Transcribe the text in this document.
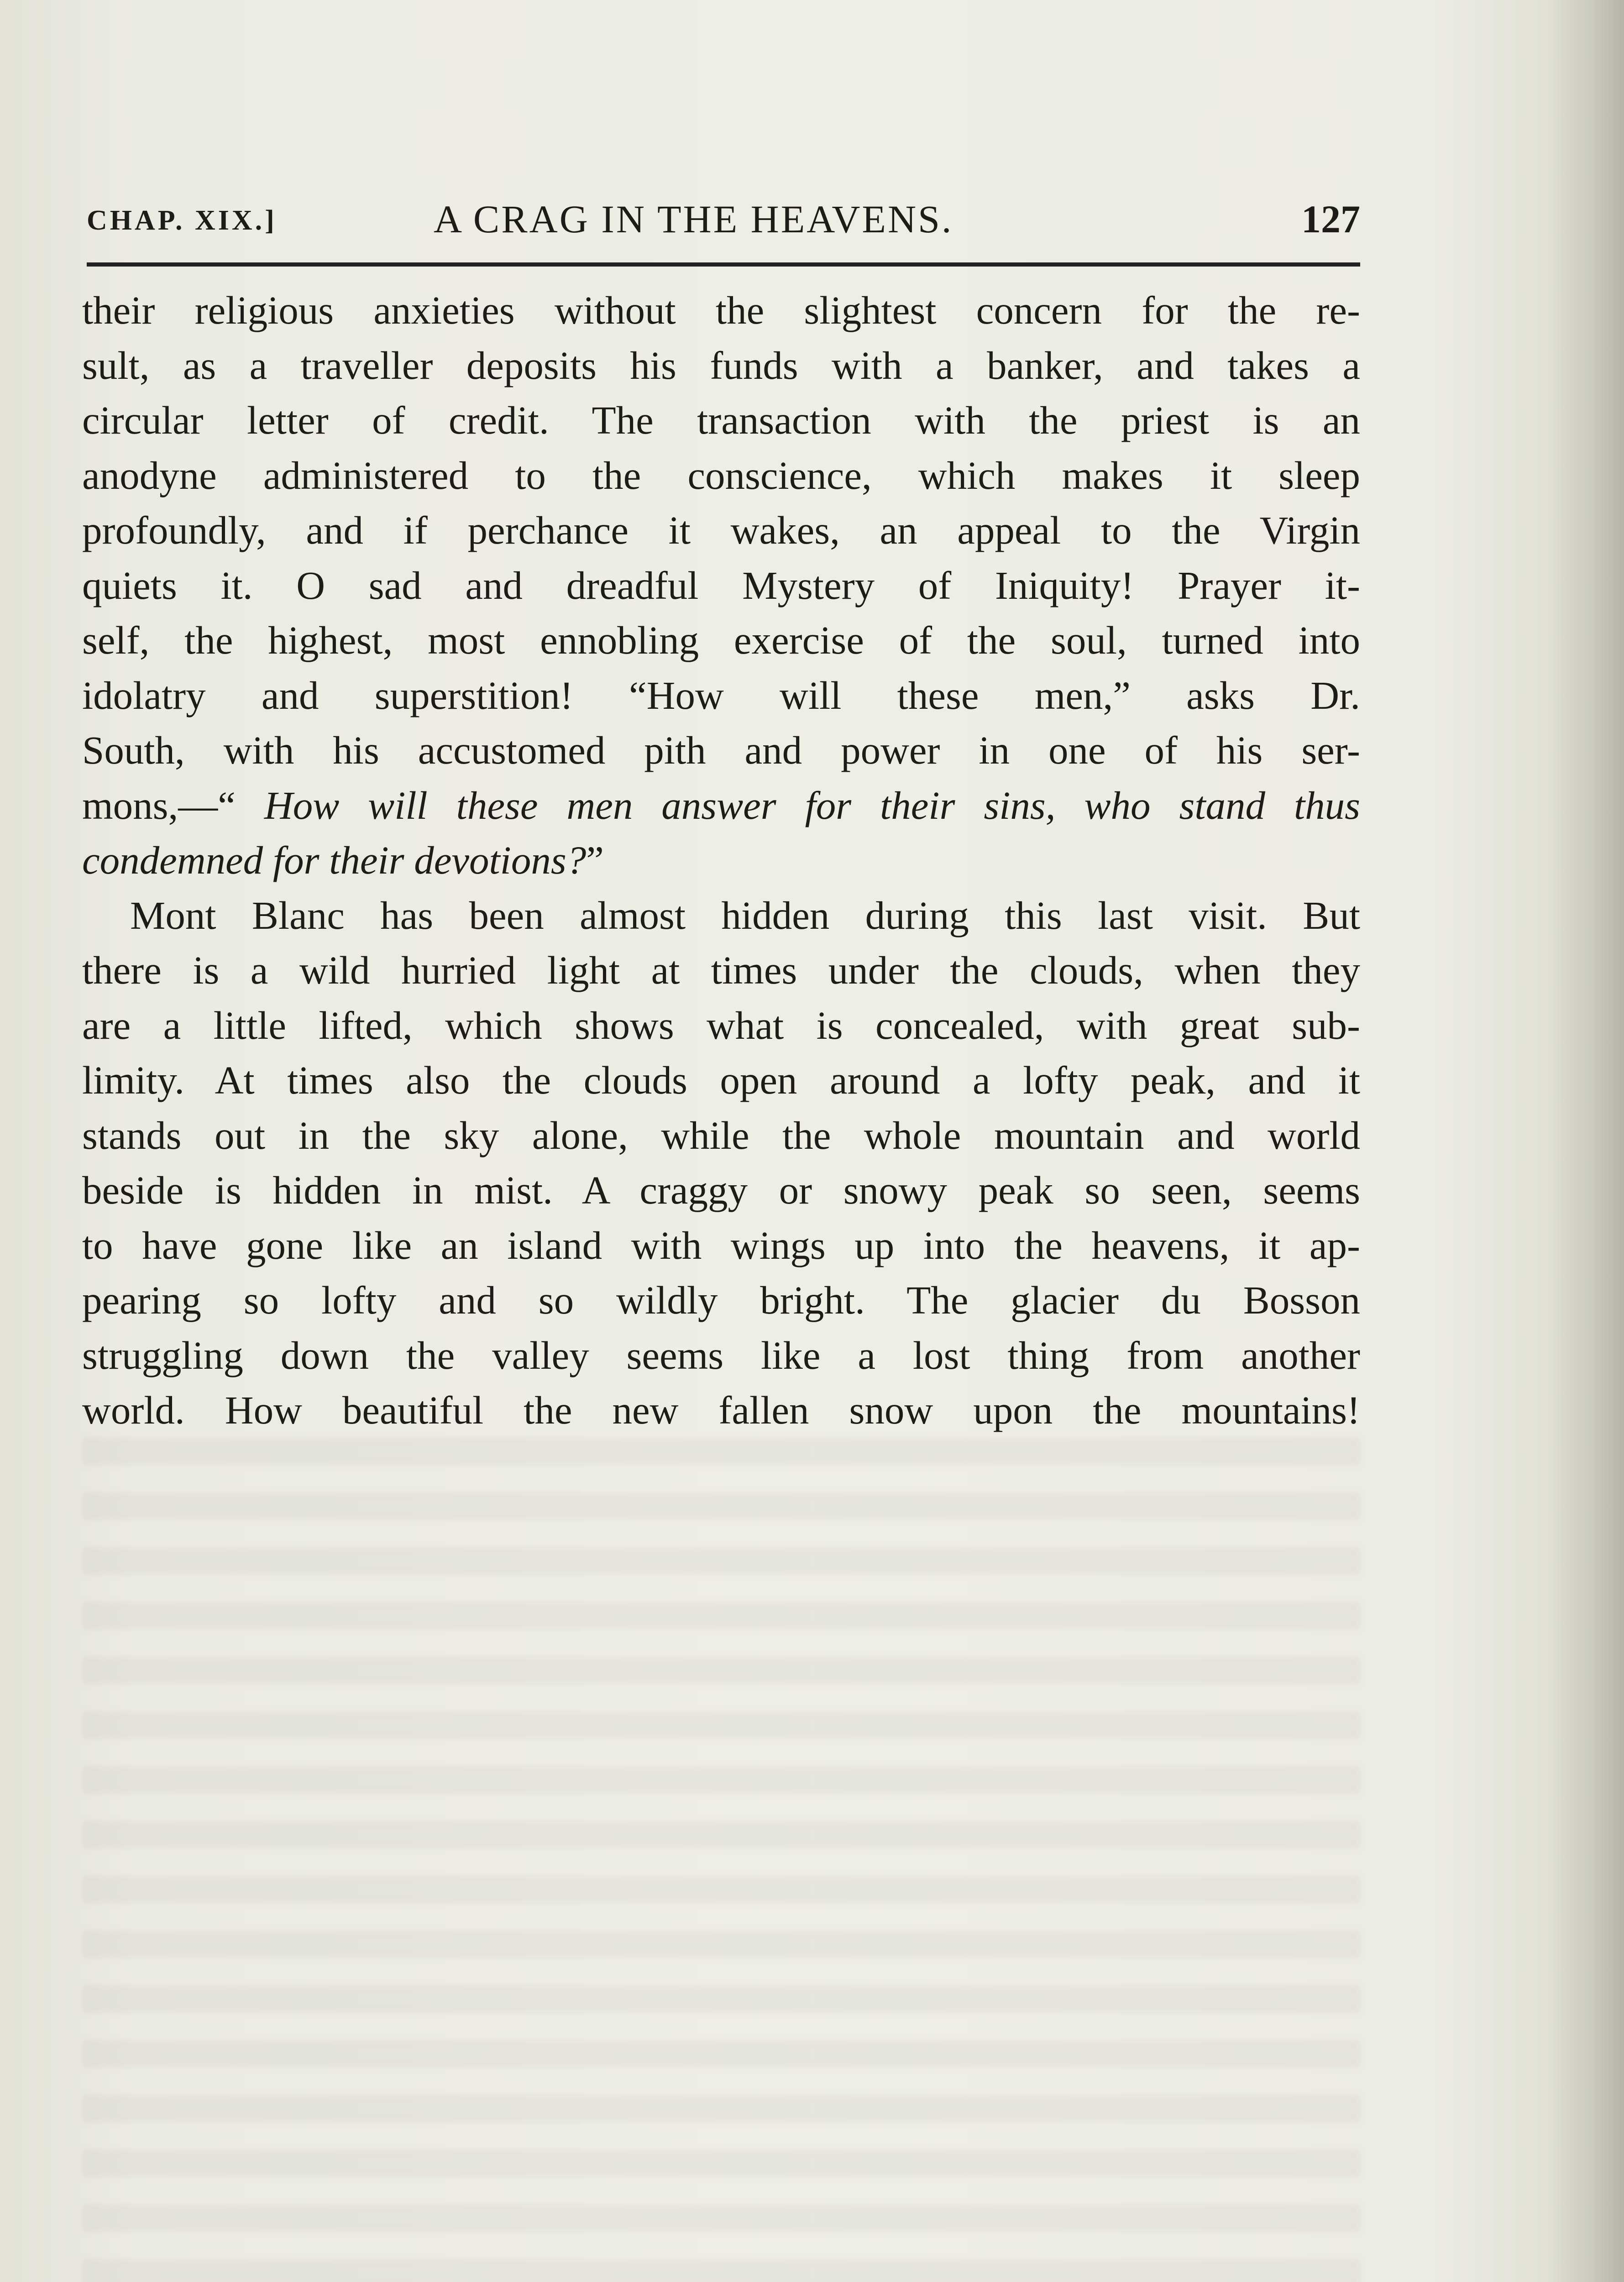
CHAP. XIX.]	A CRAG IN THE HEAVENS.	127
their religious anxieties without the slightest concern for the re-
sult, as a traveller deposits his funds with a banker, and takes a
circular letter of credit. The transaction with the priest is an
anodyne administered to the conscience, which makes it sleep
profoundly, and if perchance it wakes, an appeal to the Virgin
quiets it. O sad and dreadful Mystery of Iniquity! Prayer it-
self, the highest, most ennobling exercise of the soul, turned into
idolatry and superstition! “How will these men,” asks Dr.
South, with his accustomed pith and power in one of his ser-
mons,—“ How will these men answer for their sins, who stand thus
condemned for their devotions?”
Mont Blanc has been almost hidden during this last visit. But
there is a wild hurried light at times under the clouds, when they
are a little lifted, which shows what is concealed, with great sub-
limity. At times also the clouds open around a lofty peak, and it
stands out in the sky alone, while the whole mountain and world
beside is hidden in mist. A craggy or snowy peak so seen, seems
to have gone like an island with wings up into the heavens, it ap-
pearing so lofty and so wildly bright. The glacier du Bosson
struggling down the valley seems like a lost thing from another
world. How beautiful the new fallen snow upon the mountains!
